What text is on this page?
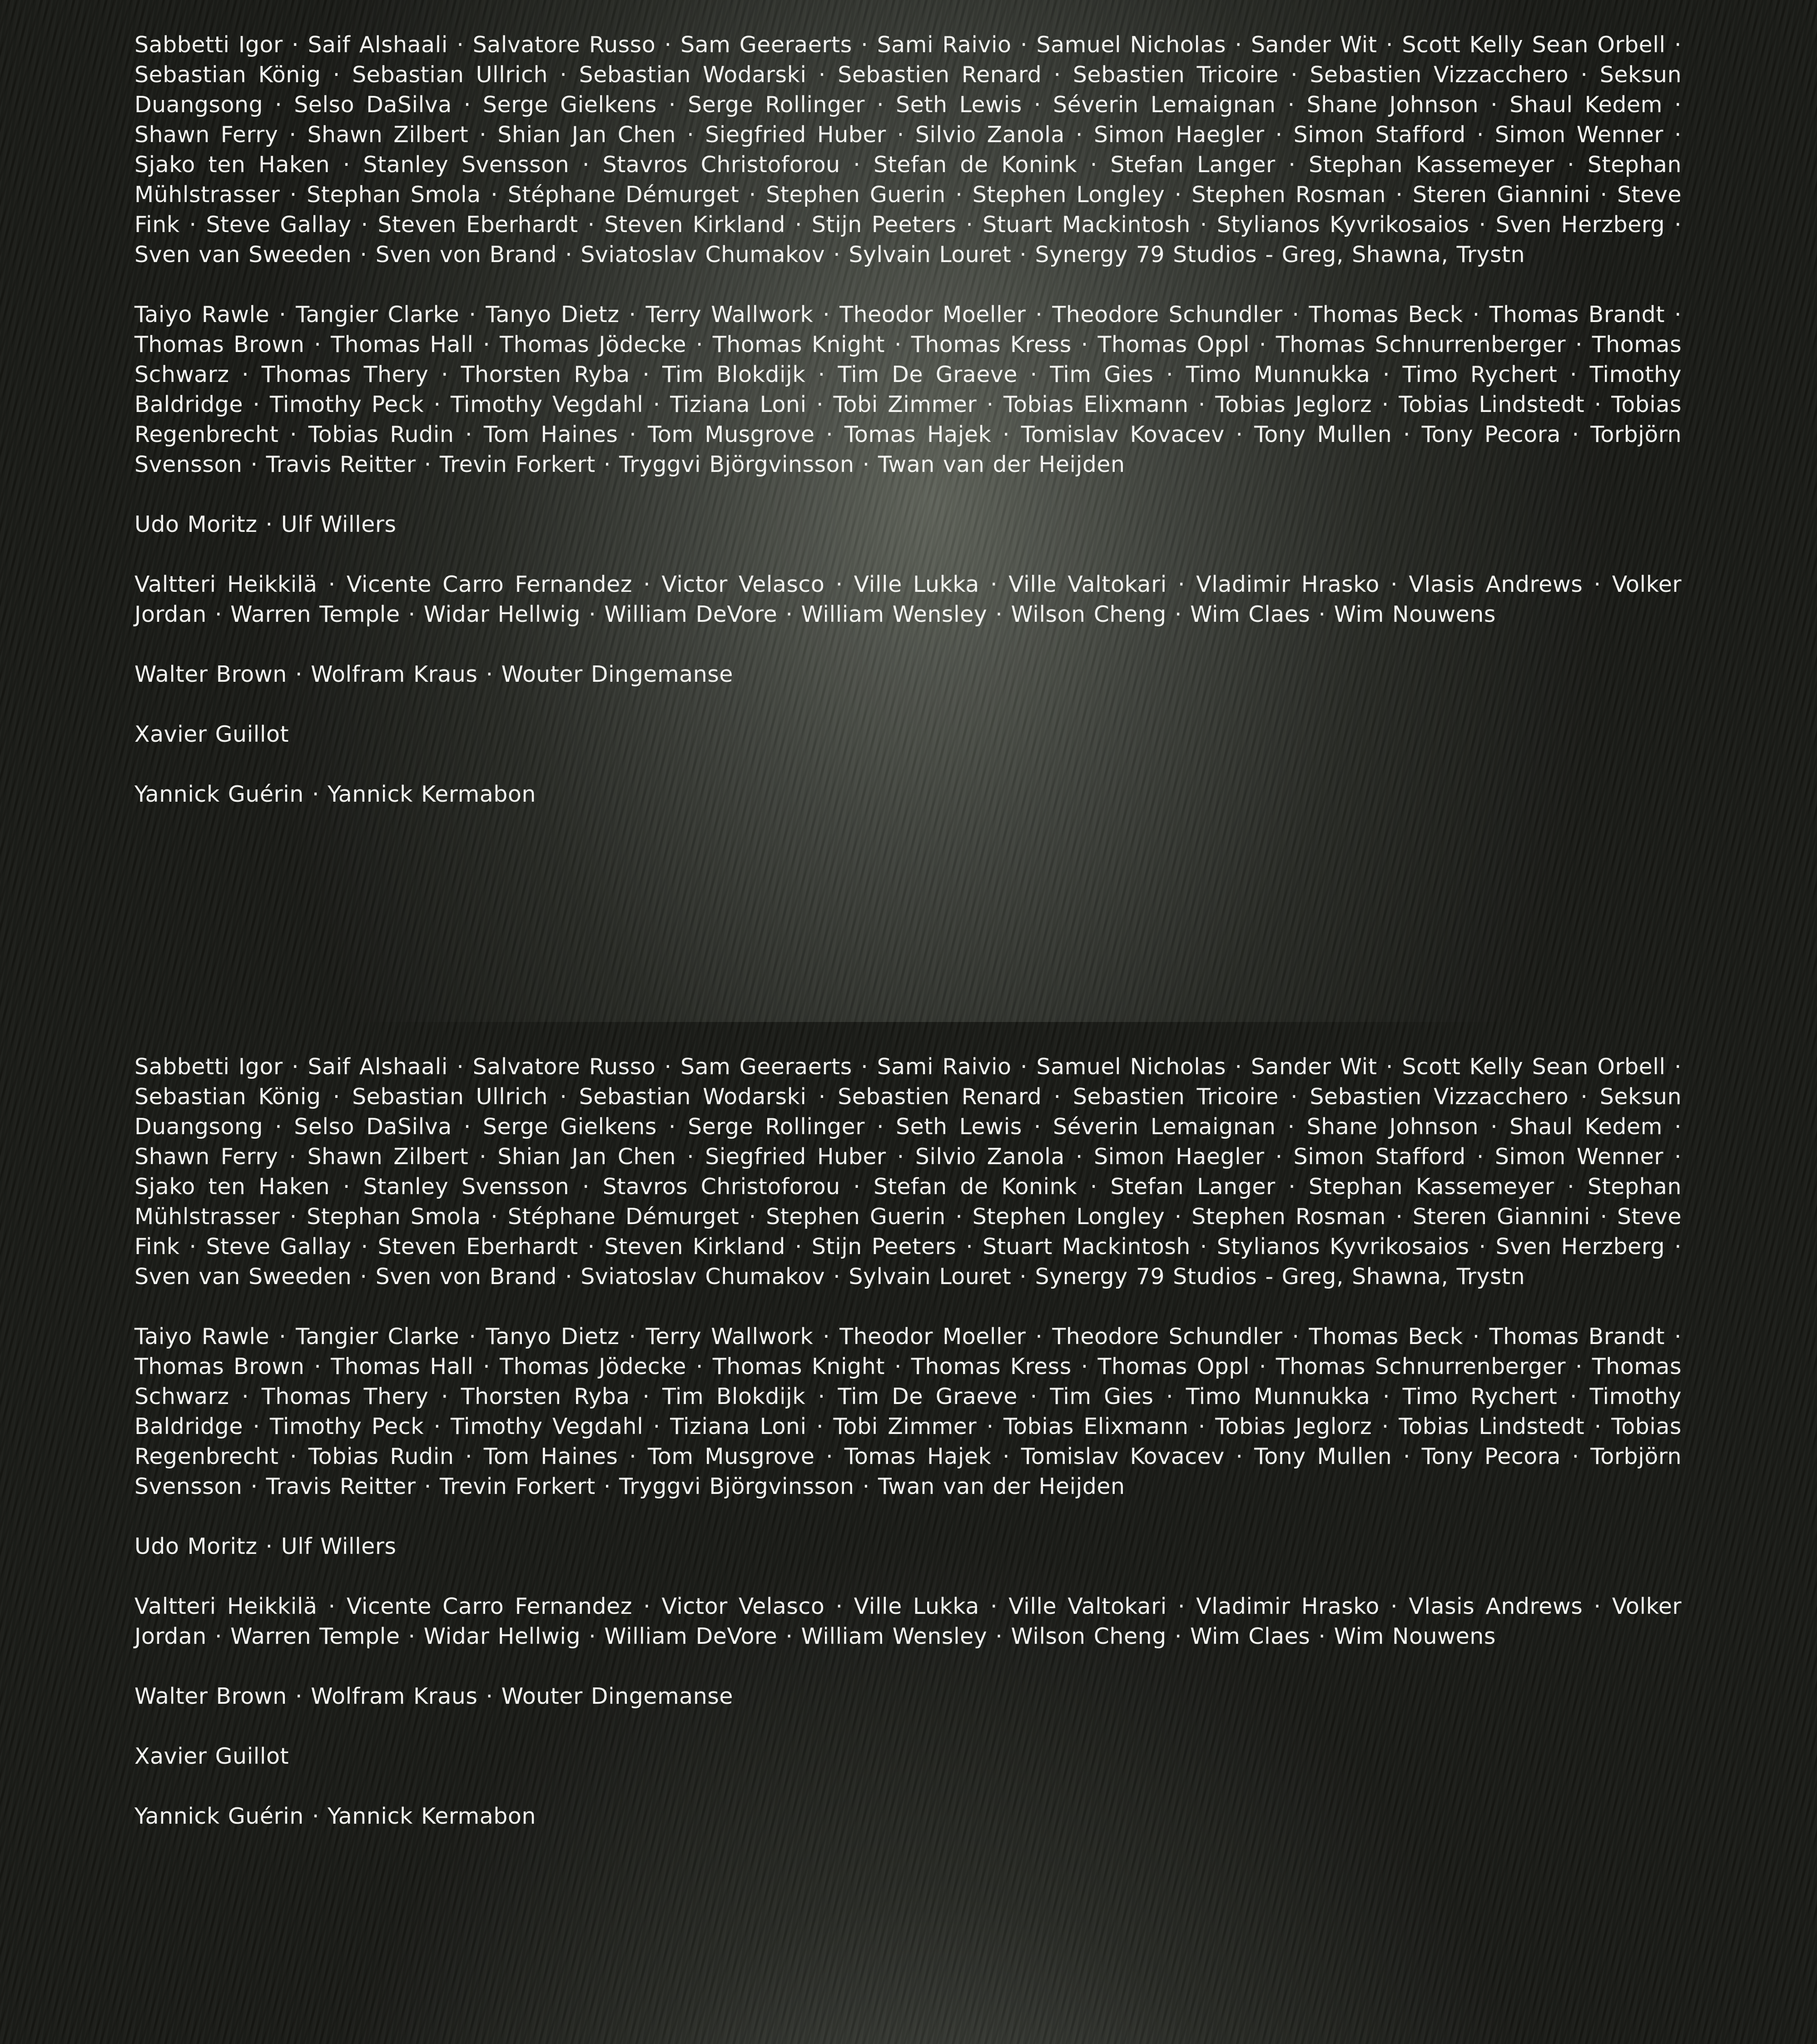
Sabbetti Igor · Saif Alshaali · Salvatore Russo · Sam Geeraerts · Sami Raivio · Samuel Nicholas · Sander Wit · Scott Kelly Sean Orbell · Sebastian König · Sebastian Ullrich · Sebastian Wodarski · Sebastien Renard · Sebastien Tricoire · Sebastien Vizzacchero · Seksun Duangsong · Selso DaSilva · Serge Gielkens · Serge Rollinger · Seth Lewis · Séverin Lemaignan · Shane Johnson · Shaul Kedem · Shawn Ferry · Shawn Zilbert · Shian Jan Chen · Siegfried Huber · Silvio Zanola · Simon Haegler · Simon Stafford · Simon Wenner · Sjako ten Haken · Stanley Svensson · Stavros Christoforou · Stefan de Konink · Stefan Langer · Stephan Kassemeyer · Stephan Mühlstrasser · Stephan Smola · Stéphane Démurget · Stephen Guerin · Stephen Longley · Stephen Rosman · Steren Giannini · Steve Fink · Steve Gallay · Steven Eberhardt · Steven Kirkland · Stijn Peeters · Stuart Mackintosh · Stylianos Kyvrikosaios · Sven Herzberg · Sven van Sweeden · Sven von Brand · Sviatoslav Chumakov · Sylvain Louret · Synergy 79 Studios - Greg, Shawna, Trystn

Taiyo Rawle · Tangier Clarke · Tanyo Dietz · Terry Wallwork · Theodor Moeller · Theodore Schundler · Thomas Beck · Thomas Brandt · Thomas Brown · Thomas Hall · Thomas Jödecke · Thomas Knight · Thomas Kress · Thomas Oppl · Thomas Schnurrenberger · Thomas Schwarz · Thomas Thery · Thorsten Ryba · Tim Blokdijk · Tim De Graeve · Tim Gies · Timo Munnukka · Timo Rychert · Timothy Baldridge · Timothy Peck · Timothy Vegdahl · Tiziana Loni · Tobi Zimmer · Tobias Elixmann · Tobias Jeglorz · Tobias Lindstedt · Tobias Regenbrecht · Tobias Rudin · Tom Haines · Tom Musgrove · Tomas Hajek · Tomislav Kovacev · Tony Mullen · Tony Pecora · Torbjörn Svensson · Travis Reitter · Trevin Forkert · Tryggvi Björgvinsson · Twan van der Heijden

Udo Moritz · Ulf Willers

Valtteri Heikkilä · Vicente Carro Fernandez · Victor Velasco · Ville Lukka · Ville Valtokari · Vladimir Hrasko · Vlasis Andrews · Volker Jordan · Warren Temple · Widar Hellwig · William DeVore · William Wensley · Wilson Cheng · Wim Claes · Wim Nouwens

Walter Brown · Wolfram Kraus · Wouter Dingemanse

Xavier Guillot

Yannick Guérin · Yannick Kermabon

Sabbetti Igor · Saif Alshaali · Salvatore Russo · Sam Geeraerts · Sami Raivio · Samuel Nicholas · Sander Wit · Scott Kelly Sean Orbell · Sebastian König · Sebastian Ullrich · Sebastian Wodarski · Sebastien Renard · Sebastien Tricoire · Sebastien Vizzacchero · Seksun Duangsong · Selso DaSilva · Serge Gielkens · Serge Rollinger · Seth Lewis · Séverin Lemaignan · Shane Johnson · Shaul Kedem · Shawn Ferry · Shawn Zilbert · Shian Jan Chen · Siegfried Huber · Silvio Zanola · Simon Haegler · Simon Stafford · Simon Wenner · Sjako ten Haken · Stanley Svensson · Stavros Christoforou · Stefan de Konink · Stefan Langer · Stephan Kassemeyer · Stephan Mühlstrasser · Stephan Smola · Stéphane Démurget · Stephen Guerin · Stephen Longley · Stephen Rosman · Steren Giannini · Steve Fink · Steve Gallay · Steven Eberhardt · Steven Kirkland · Stijn Peeters · Stuart Mackintosh · Stylianos Kyvrikosaios · Sven Herzberg · Sven van Sweeden · Sven von Brand · Sviatoslav Chumakov · Sylvain Louret · Synergy 79 Studios - Greg, Shawna, Trystn

Taiyo Rawle · Tangier Clarke · Tanyo Dietz · Terry Wallwork · Theodor Moeller · Theodore Schundler · Thomas Beck · Thomas Brandt · Thomas Brown · Thomas Hall · Thomas Jödecke · Thomas Knight · Thomas Kress · Thomas Oppl · Thomas Schnurrenberger · Thomas Schwarz · Thomas Thery · Thorsten Ryba · Tim Blokdijk · Tim De Graeve · Tim Gies · Timo Munnukka · Timo Rychert · Timothy Baldridge · Timothy Peck · Timothy Vegdahl · Tiziana Loni · Tobi Zimmer · Tobias Elixmann · Tobias Jeglorz · Tobias Lindstedt · Tobias Regenbrecht · Tobias Rudin · Tom Haines · Tom Musgrove · Tomas Hajek · Tomislav Kovacev · Tony Mullen · Tony Pecora · Torbjörn Svensson · Travis Reitter · Trevin Forkert · Tryggvi Björgvinsson · Twan van der Heijden

Udo Moritz · Ulf Willers

Valtteri Heikkilä · Vicente Carro Fernandez · Victor Velasco · Ville Lukka · Ville Valtokari · Vladimir Hrasko · Vlasis Andrews · Volker Jordan · Warren Temple · Widar Hellwig · William DeVore · William Wensley · Wilson Cheng · Wim Claes · Wim Nouwens

Walter Brown · Wolfram Kraus · Wouter Dingemanse

Xavier Guillot

Yannick Guérin · Yannick Kermabon
